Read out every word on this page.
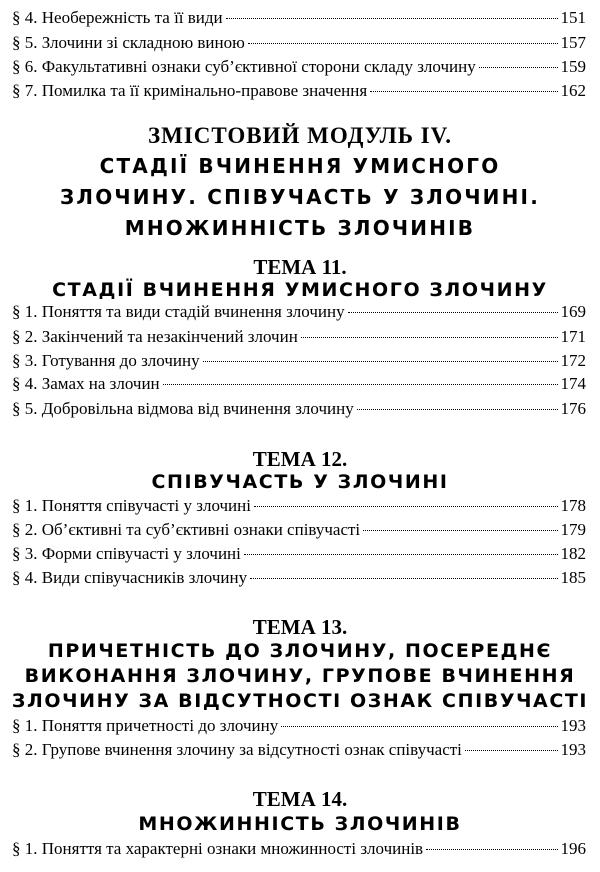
§ 4. Необережність та її види	151
§ 5. Злочини зі складною виною	157
§ 6. Факультативні ознаки суб’єктивної сторони складу злочину	159
§ 7. Помилка та її кримінально-правове значення	162
ЗМІСТОВИЙ МОДУЛЬ IV.
СТАДІЇ ВЧИНЕННЯ УМИСНОГО
ЗЛОЧИНУ. СПІВУЧАСТЬ У ЗЛОЧИНІ.
МНОЖИННІСТЬ ЗЛОЧИНІВ
ТЕМА 11.
СТАДІЇ ВЧИНЕННЯ УМИСНОГО ЗЛОЧИНУ
§ 1. Поняття та види стадій вчинення злочину	169
§ 2. Закінчений та незакінчений злочин	171
§ 3. Готування до злочину	172
§ 4. Замах на злочин	174
§ 5. Добровільна відмова від вчинення злочину	176
ТЕМА 12.
СПІВУЧАСТЬ У ЗЛОЧИНІ
§ 1. Поняття співучасті у злочині	178
§ 2. Об’єктивні та суб’єктивні ознаки співучасті	179
§ 3. Форми співучасті у злочині	182
§ 4. Види співучасників злочину	185
ТЕМА 13.
ПРИЧЕТНІСТЬ ДО ЗЛОЧИНУ, ПОСЕРЕДНЄ
ВИКОНАННЯ ЗЛОЧИНУ, ГРУПОВЕ ВЧИНЕННЯ
ЗЛОЧИНУ ЗА ВІДСУТНОСТІ ОЗНАК СПІВУЧАСТІ
§ 1. Поняття причетності до злочину	193
§ 2. Групове вчинення злочину за відсутності ознак співучасті	193
ТЕМА 14.
МНОЖИННІСТЬ ЗЛОЧИНІВ
§ 1. Поняття та характерні ознаки множинності злочинів	196
